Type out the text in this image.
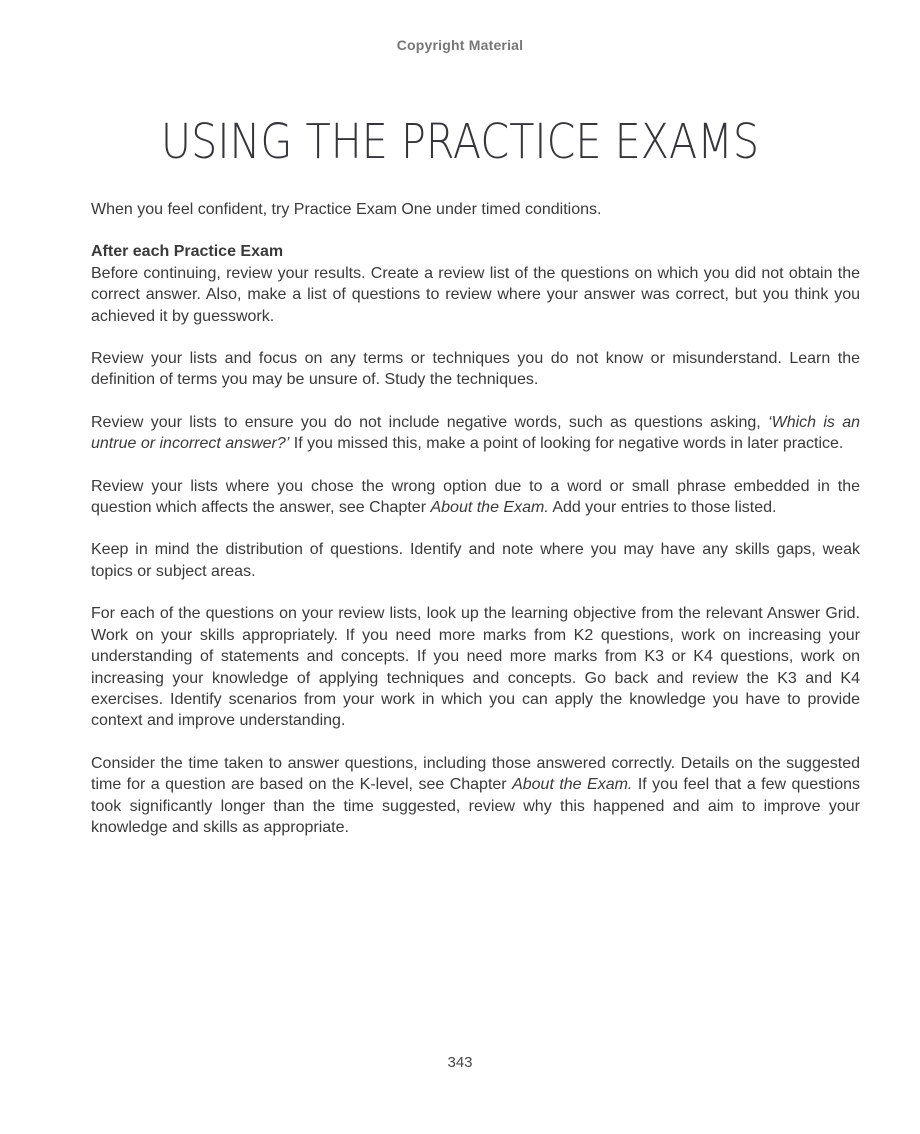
Copyright Material
USING THE PRACTICE EXAMS

When you feel confident, try Practice Exam One under timed conditions.

After each Practice Exam

Before continuing, review your results. Create a review list of the questions on which you did not obtain the correct answer. Also, make a list of questions to review where your answer was correct, but you think you achieved it by guesswork.

Review your lists and focus on any terms or techniques you do not know or misunderstand. Learn the definition of terms you may be unsure of. Study the techniques.

Review your lists to ensure you do not include negative words, such as questions asking, ‘Which is an untrue or incorrect answer?’ If you missed this, make a point of looking for negative words in later practice.

Review your lists where you chose the wrong option due to a word or small phrase embedded in the question which affects the answer, see Chapter About the Exam. Add your entries to those listed.

Keep in mind the distribution of questions. Identify and note where you may have any skills gaps, weak topics or subject areas.

For each of the questions on your review lists, look up the learning objective from the relevant Answer Grid. Work on your skills appropriately. If you need more marks from K2 questions, work on increasing your understanding of statements and concepts. If you need more marks from K3 or K4 questions, work on increasing your knowledge of applying techniques and concepts. Go back and review the K3 and K4 exercises. Identify scenarios from your work in which you can apply the knowledge you have to provide context and improve understanding.

Consider the time taken to answer questions, including those answered correctly. Details on the suggested time for a question are based on the K-level, see Chapter About the Exam. If you feel that a few questions took significantly longer than the time suggested, review why this happened and aim to improve your knowledge and skills as appropriate.

343
